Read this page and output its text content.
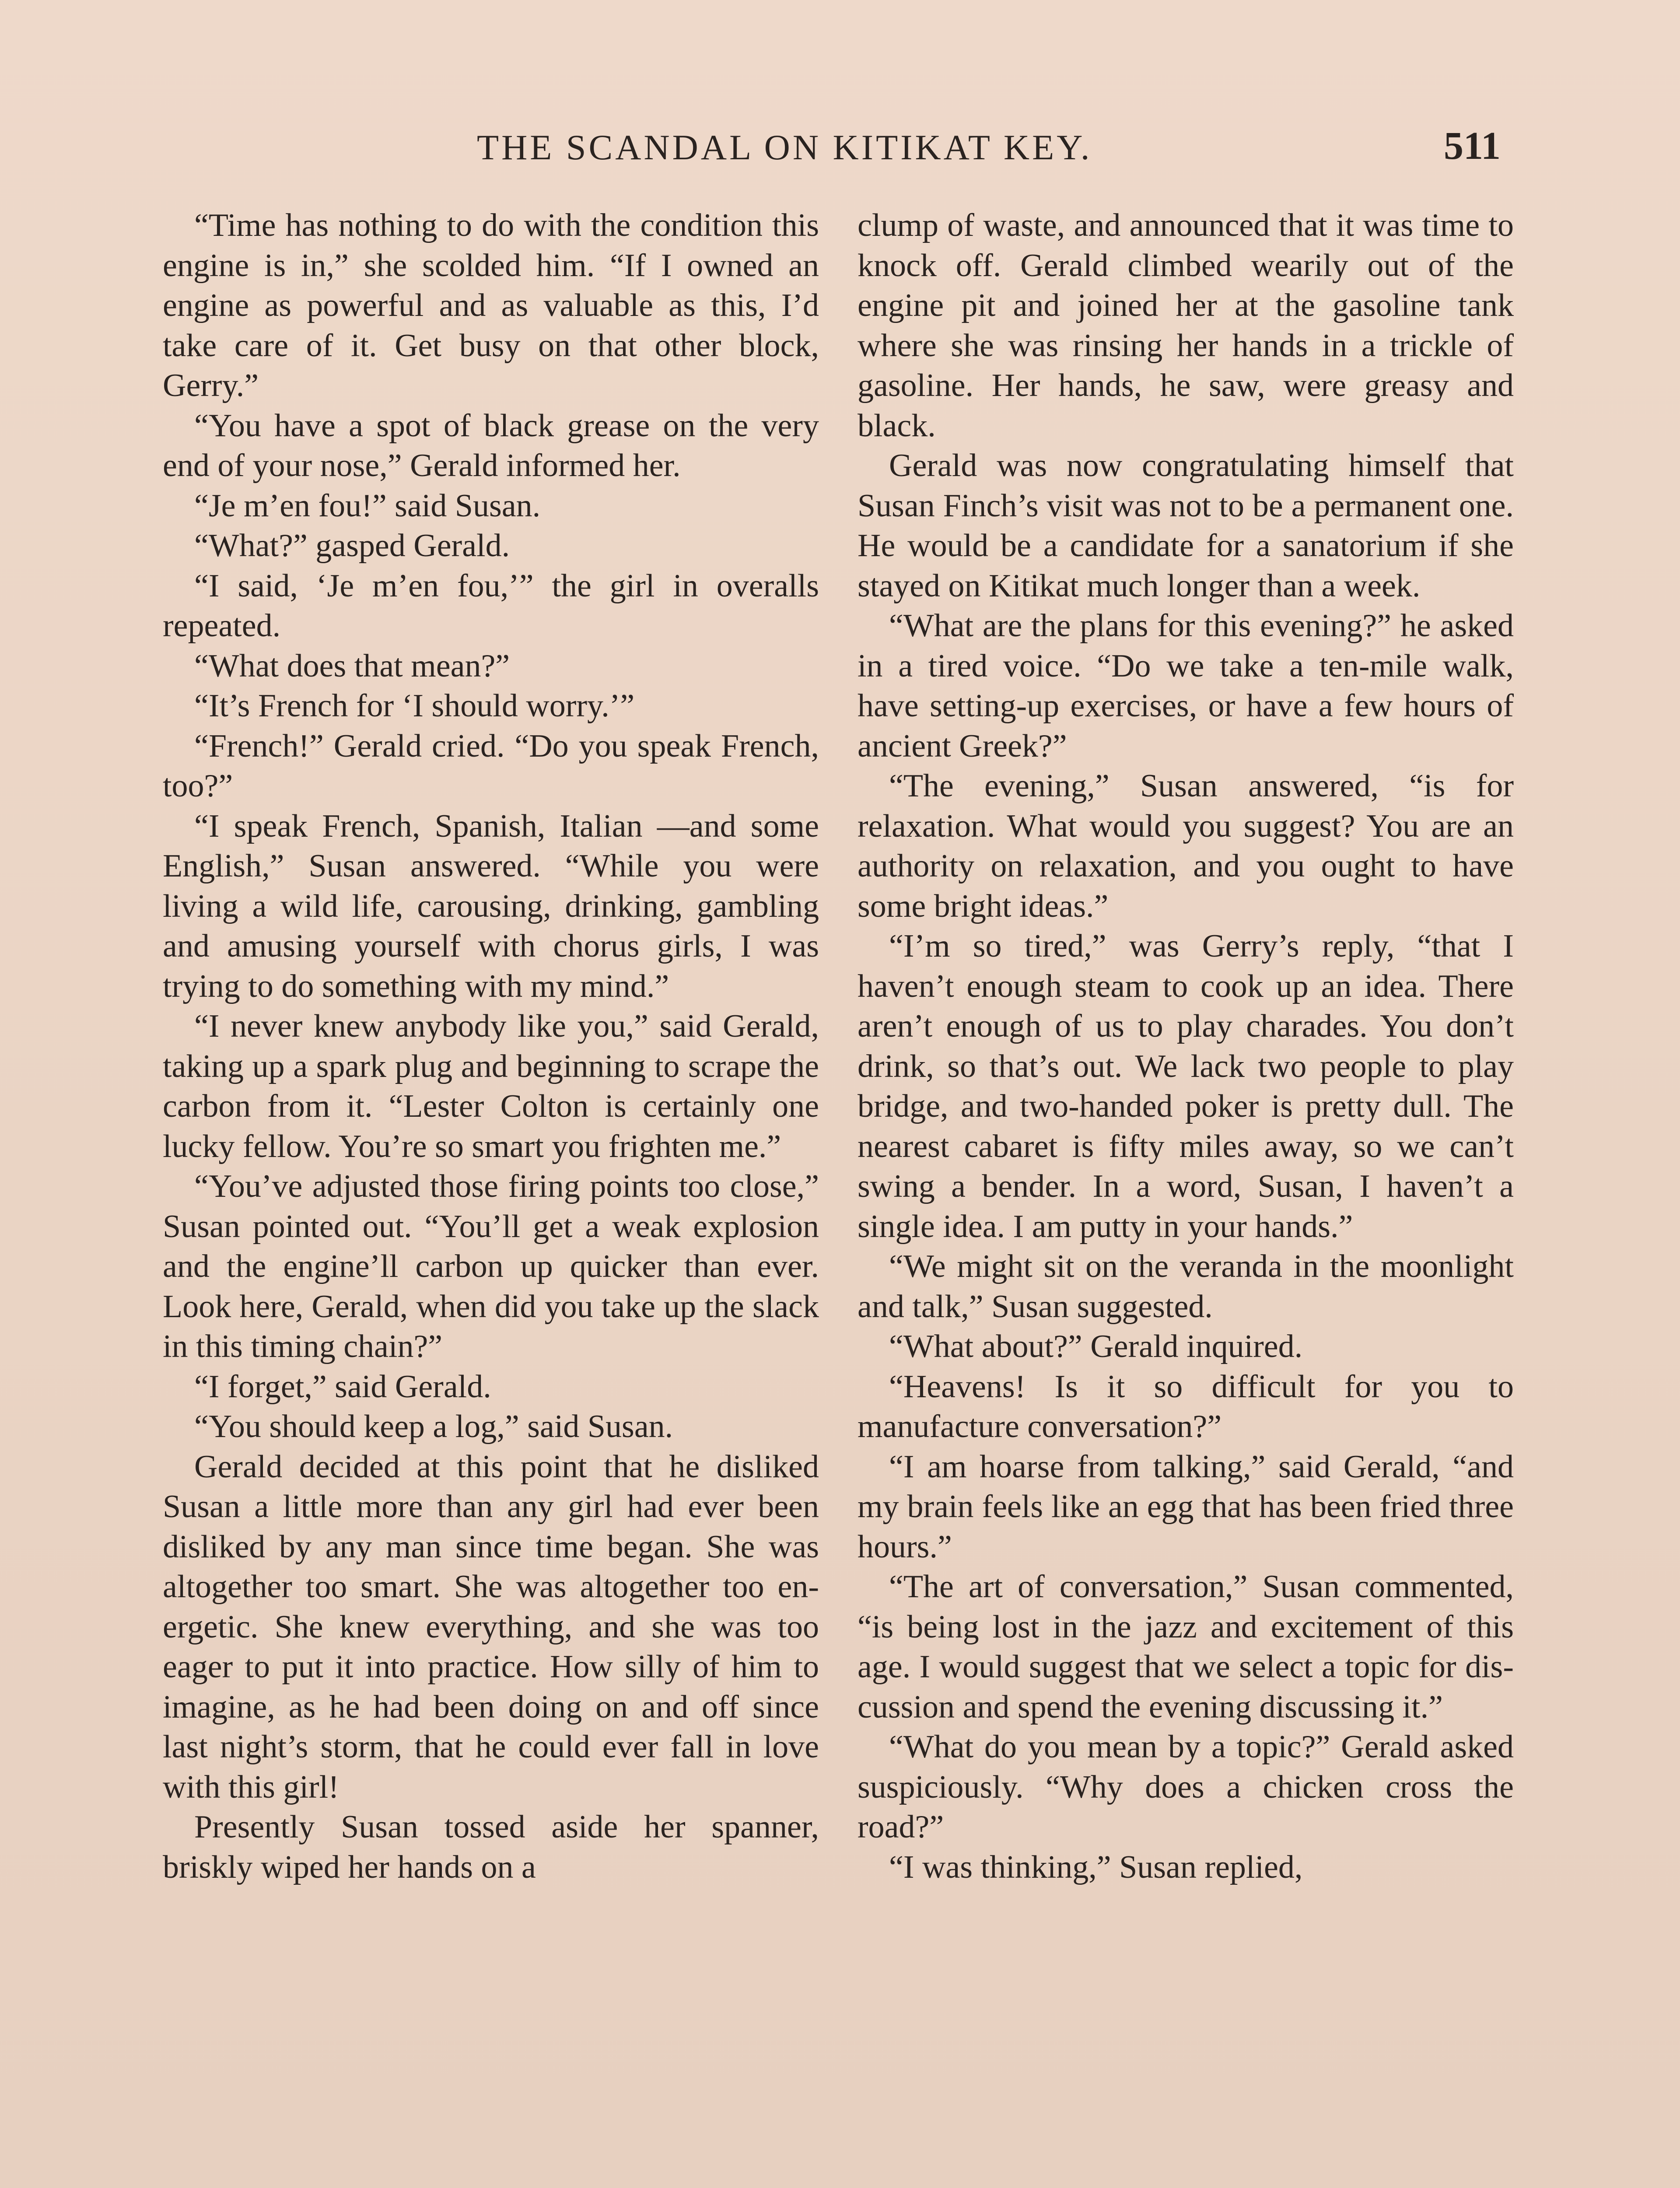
THE SCANDAL ON KITIKAT KEY.	511

“Time has nothing to do with the condition this engine is in,” she scolded him. “If I owned an engine as powerful and as valuable as this, I’d take care of it. Get busy on that other block, Gerry.”

“You have a spot of black grease on the very end of your nose,” Gerald informed her.

“Je m’en fou!” said Susan.

“What?” gasped Gerald.

“I said, ‘Je m’en fou,’” the girl in overalls repeated.

“What does that mean?”

“It’s French for ‘I should worry.’”

“French!” Gerald cried. “Do you speak French, too?”

“I speak French, Spanish, Italian —and some English,” Susan answered. “While you were living a wild life, carousing, drinking, gambling and amusing yourself with chorus girls, I was trying to do something with my mind.”

“I never knew anybody like you,” said Gerald, taking up a spark plug and beginning to scrape the carbon from it. “Lester Colton is certainly one lucky fellow. You’re so smart you frighten me.”

“You’ve adjusted those firing points too close,” Susan pointed out. “You’ll get a weak explosion and the engine’ll carbon up quicker than ever. Look here, Gerald, when did you take up the slack in this timing chain?”

“I forget,” said Gerald.

“You should keep a log,” said Susan.

Gerald decided at this point that he disliked Susan a little more than any girl had ever been disliked by any man since time began. She was altogether too smart. She was altogether too energetic. She knew everything, and she was too eager to put it into practice. How silly of him to imagine, as he had been doing on and off since last night’s storm, that he could ever fall in love with this girl!

Presently Susan tossed aside her spanner, briskly wiped her hands on a

clump of waste, and announced that it was time to knock off. Gerald climbed wearily out of the engine pit and joined her at the gasoline tank where she was rinsing her hands in a trickle of gasoline. Her hands, he saw, were greasy and black.

Gerald was now congratulating himself that Susan Finch’s visit was not to be a permanent one. He would be a candidate for a sanatorium if she stayed on Kitikat much longer than a week.

“What are the plans for this evening?” he asked in a tired voice. “Do we take a ten-mile walk, have setting-up exercises, or have a few hours of ancient Greek?”

“The evening,” Susan answered, “is for relaxation. What would you suggest? You are an authority on relaxation, and you ought to have some bright ideas.”

“I’m so tired,” was Gerry’s reply, “that I haven’t enough steam to cook up an idea. There aren’t enough of us to play charades. You don’t drink, so that’s out. We lack two people to play bridge, and two-handed poker is pretty dull. The nearest cabaret is fifty miles away, so we can’t swing a bender. In a word, Susan, I haven’t a single idea. I am putty in your hands.”

“We might sit on the veranda in the moonlight and talk,” Susan suggested.

“What about?” Gerald inquired.

“Heavens! Is it so difficult for you to manufacture conversation?”

“I am hoarse from talking,” said Gerald, “and my brain feels like an egg that has been fried three hours.”

“The art of conversation,” Susan commented, “is being lost in the jazz and excitement of this age. I would suggest that we select a topic for discussion and spend the evening discussing it.”

“What do you mean by a topic?” Gerald asked suspiciously. “Why does a chicken cross the road?”

“I was thinking,” Susan replied,
